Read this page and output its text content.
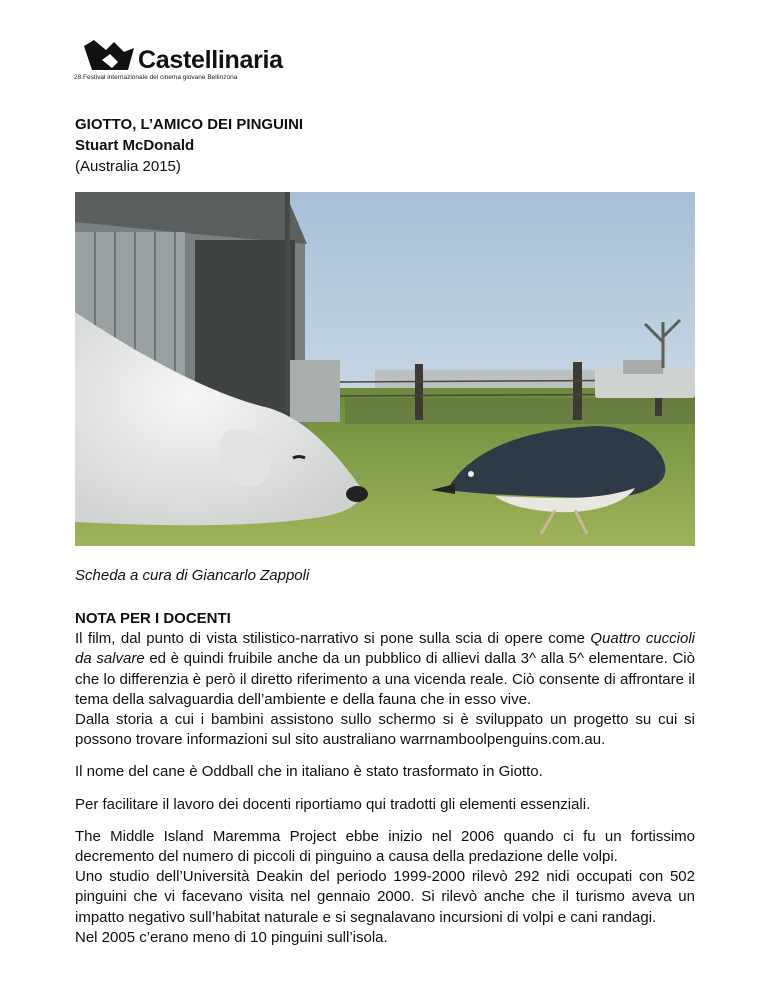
Castellinaria
28.Festival internazionale del cinema giovane Bellinzona
GIOTTO, L’AMICO DEI PINGUINI
Stuart McDonald
(Australia 2015)
Scheda a cura di Giancarlo Zappoli
NOTA PER I DOCENTI

Il film, dal punto di vista stilistico-narrativo si pone sulla scia di opere come Quattro cuccioli da salvare ed è quindi fruibile anche da un pubblico di allievi dalla 3^ alla 5^ elementare. Ciò che lo differenzia è però il diretto riferimento a una vicenda reale. Ciò consente di affrontare il tema della salvaguardia dell’ambiente e della fauna che in esso vive.

Dalla storia a cui i bambini assistono sullo schermo si è sviluppato un progetto su cui si possono trovare informazioni sul sito australiano warrnamboolpenguins.com.au.

Il nome del cane è Oddball che in italiano è stato trasformato in Giotto.

Per facilitare il lavoro dei docenti riportiamo qui tradotti gli elementi essenziali.

The Middle Island Maremma Project ebbe inizio nel 2006 quando ci fu un fortissimo decremento del numero di piccoli di pinguino a causa della predazione delle volpi.

Uno studio dell’Università Deakin del periodo 1999-2000 rilevò 292 nidi occupati con 502 pinguini che vi facevano visita nel gennaio 2000. Si rilevò anche che il turismo aveva un impatto negativo sull’habitat naturale e si segnalavano incursioni di volpi e cani randagi.

Nel 2005 c’erano meno di 10 pinguini sull’isola.
